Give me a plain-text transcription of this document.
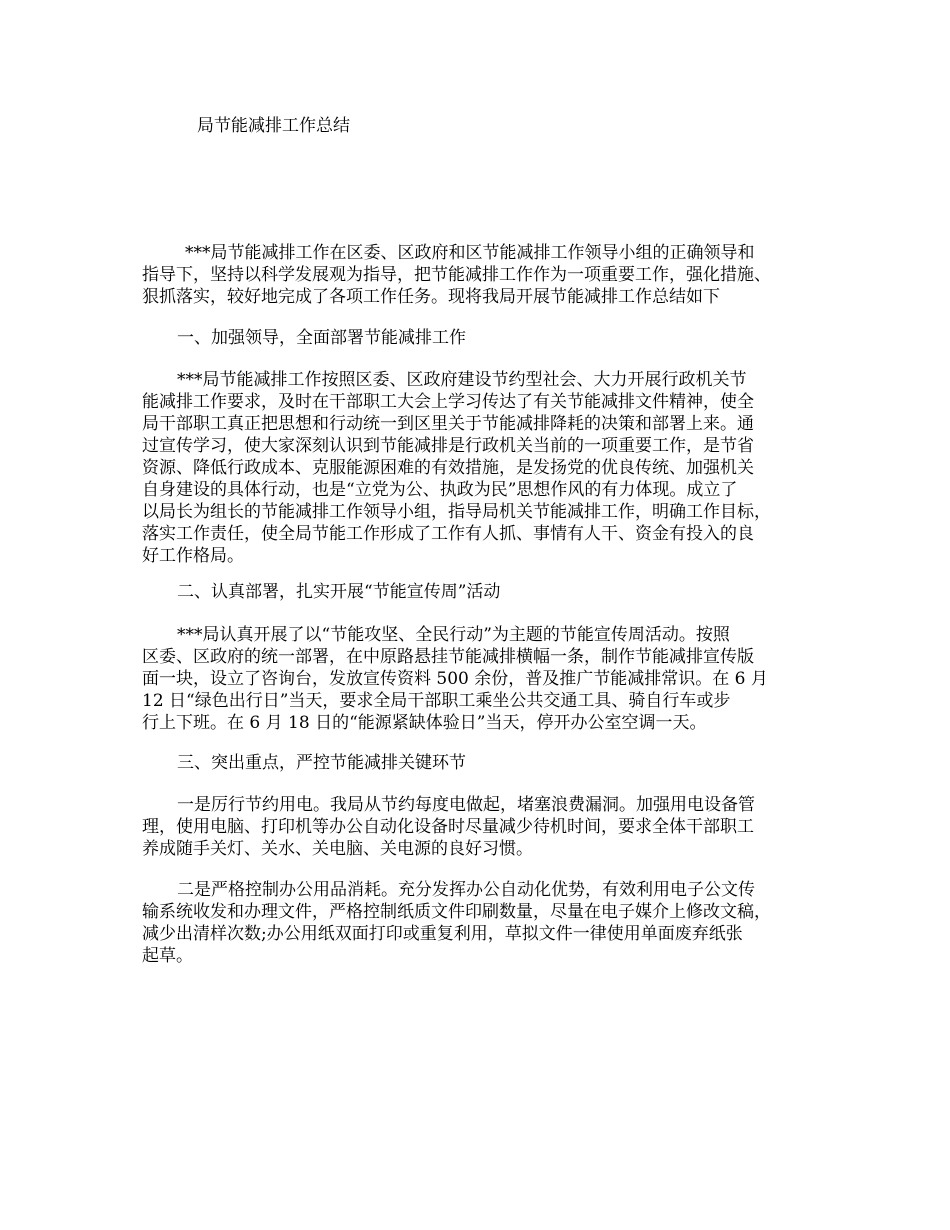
局节能减排工作总结

***局节能减排工作在区委、区政府和区节能减排工作领导小组的正确领导和

指导下，坚持以科学发展观为指导，把节能减排工作作为一项重要工作，强化措施、

狠抓落实，较好地完成了各项工作任务。现将我局开展节能减排工作总结如下

一、加强领导，全面部署节能减排工作

***局节能减排工作按照区委、区政府建设节约型社会、大力开展行政机关节

能减排工作要求，及时在干部职工大会上学习传达了有关节能减排文件精神，使全

局干部职工真正把思想和行动统一到区里关于节能减排降耗的决策和部署上来。通

过宣传学习，使大家深刻认识到节能减排是行政机关当前的一项重要工作，是节省

资源、降低行政成本、克服能源困难的有效措施，是发扬党的优良传统、加强机关

自身建设的具体行动，也是“立党为公、执政为民”思想作风的有力体现。成立了

以局长为组长的节能减排工作领导小组，指导局机关节能减排工作，明确工作目标，

落实工作责任，使全局节能工作形成了工作有人抓、事情有人干、资金有投入的良

好工作格局。

二、认真部署，扎实开展“节能宣传周”活动

***局认真开展了以“节能攻坚、全民行动”为主题的节能宣传周活动。按照

区委、区政府的统一部署，在中原路悬挂节能减排横幅一条，制作节能减排宣传版

面一块，设立了咨询台，发放宣传资料 500 余份，普及推广节能减排常识。在 6 月

12 日“绿色出行日”当天，要求全局干部职工乘坐公共交通工具、骑自行车或步

行上下班。在 6 月 18 日的“能源紧缺体验日”当天，停开办公室空调一天。

三、突出重点，严控节能减排关键环节

一是厉行节约用电。我局从节约每度电做起，堵塞浪费漏洞。加强用电设备管

理，使用电脑、打印机等办公自动化设备时尽量减少待机时间，要求全体干部职工

养成随手关灯、关水、关电脑、关电源的良好习惯。

二是严格控制办公用品消耗。充分发挥办公自动化优势，有效利用电子公文传

输系统收发和办理文件，严格控制纸质文件印刷数量，尽量在电子媒介上修改文稿，

减少出清样次数;办公用纸双面打印或重复利用，草拟文件一律使用单面废弃纸张

起草。
